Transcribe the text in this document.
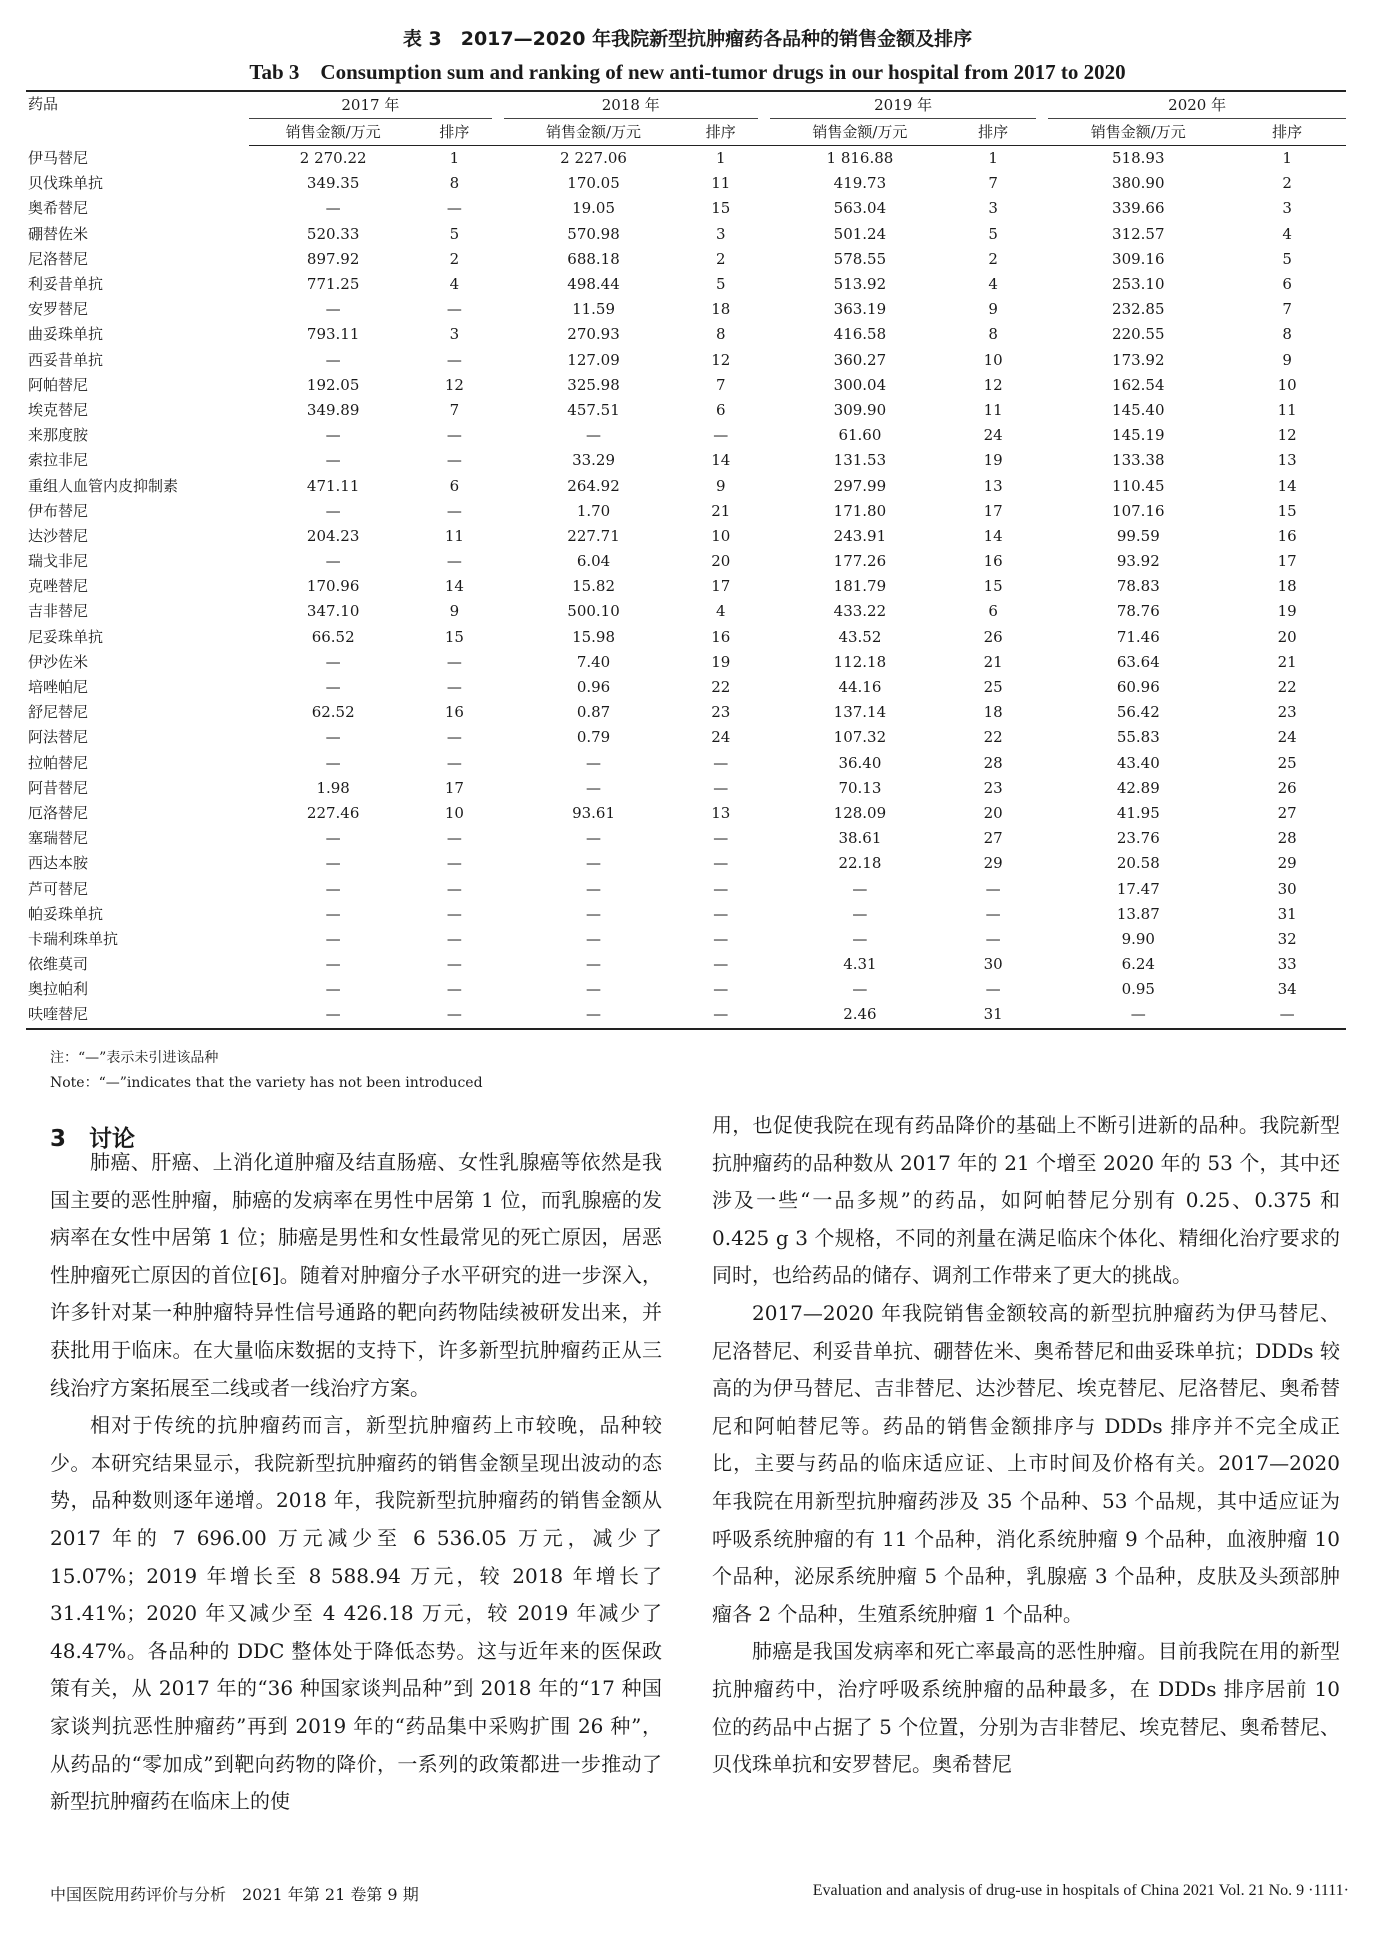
表 3　2017—2020 年我院新型抗肿瘤药各品种的销售金额及排序
Tab 3　Consumption sum and ranking of new anti-tumor drugs in our hospital from 2017 to 2020
药品	2017 年			2018 年			2019 年			2020 年	
	销售金额/万元	排序		销售金额/万元	排序		销售金额/万元	排序		销售金额/万元	排序
伊马替尼	2 270.22	1		2 227.06	1		1 816.88	1		518.93	1
贝伐珠单抗	349.35	8		170.05	11		419.73	7		380.90	2
奥希替尼	—	—		19.05	15		563.04	3		339.66	3
硼替佐米	520.33	5		570.98	3		501.24	5		312.57	4
尼洛替尼	897.92	2		688.18	2		578.55	2		309.16	5
利妥昔单抗	771.25	4		498.44	5		513.92	4		253.10	6
安罗替尼	—	—		11.59	18		363.19	9		232.85	7
曲妥珠单抗	793.11	3		270.93	8		416.58	8		220.55	8
西妥昔单抗	—	—		127.09	12		360.27	10		173.92	9
阿帕替尼	192.05	12		325.98	7		300.04	12		162.54	10
埃克替尼	349.89	7		457.51	6		309.90	11		145.40	11
来那度胺	—	—		—	—		61.60	24		145.19	12
索拉非尼	—	—		33.29	14		131.53	19		133.38	13
重组人血管内皮抑制素	471.11	6		264.92	9		297.99	13		110.45	14
伊布替尼	—	—		1.70	21		171.80	17		107.16	15
达沙替尼	204.23	11		227.71	10		243.91	14		99.59	16
瑞戈非尼	—	—		6.04	20		177.26	16		93.92	17
克唑替尼	170.96	14		15.82	17		181.79	15		78.83	18
吉非替尼	347.10	9		500.10	4		433.22	6		78.76	19
尼妥珠单抗	66.52	15		15.98	16		43.52	26		71.46	20
伊沙佐米	—	—		7.40	19		112.18	21		63.64	21
培唑帕尼	—	—		0.96	22		44.16	25		60.96	22
舒尼替尼	62.52	16		0.87	23		137.14	18		56.42	23
阿法替尼	—	—		0.79	24		107.32	22		55.83	24
拉帕替尼	—	—		—	—		36.40	28		43.40	25
阿昔替尼	1.98	17		—	—		70.13	23		42.89	26
厄洛替尼	227.46	10		93.61	13		128.09	20		41.95	27
塞瑞替尼	—	—		—	—		38.61	27		23.76	28
西达本胺	—	—		—	—		22.18	29		20.58	29
芦可替尼	—	—		—	—		—	—		17.47	30
帕妥珠单抗	—	—		—	—		—	—		13.87	31
卡瑞利珠单抗	—	—		—	—		—	—		9.90	32
依维莫司	—	—		—	—		4.31	30		6.24	33
奥拉帕利	—	—		—	—		—	—		0.95	34
呋喹替尼	—	—		—	—		2.46	31		—	—
注：“—”表示未引进该品种
Note：“—”indicates that the variety has not been introduced
3　讨论

肺癌、肝癌、上消化道肿瘤及结直肠癌、女性乳腺癌等依然是我国主要的恶性肿瘤，肺癌的发病率在男性中居第 1 位，而乳腺癌的发病率在女性中居第 1 位；肺癌是男性和女性最常见的死亡原因，居恶性肿瘤死亡原因的首位[6]。随着对肿瘤分子水平研究的进一步深入，许多针对某一种肿瘤特异性信号通路的靶向药物陆续被研发出来，并获批用于临床。在大量临床数据的支持下，许多新型抗肿瘤药正从三线治疗方案拓展至二线或者一线治疗方案。

相对于传统的抗肿瘤药而言，新型抗肿瘤药上市较晚，品种较少。本研究结果显示，我院新型抗肿瘤药的销售金额呈现出波动的态势，品种数则逐年递增。2018 年，我院新型抗肿瘤药的销售金额从 2017 年的 7 696.00 万元减少至 6 536.05 万元，减少了 15.07%；2019 年增长至 8 588.94 万元，较 2018 年增长了 31.41%；2020 年又减少至 4 426.18 万元，较 2019 年减少了 48.47%。各品种的 DDC 整体处于降低态势。这与近年来的医保政策有关，从 2017 年的“36 种国家谈判品种”到 2018 年的“17 种国家谈判抗恶性肿瘤药”再到 2019 年的“药品集中采购扩围 26 种”，从药品的“零加成”到靶向药物的降价，一系列的政策都进一步推动了新型抗肿瘤药在临床上的使

用，也促使我院在现有药品降价的基础上不断引进新的品种。我院新型抗肿瘤药的品种数从 2017 年的 21 个增至 2020 年的 53 个，其中还涉及一些“一品多规”的药品，如阿帕替尼分别有 0.25、0.375 和 0.425 g 3 个规格，不同的剂量在满足临床个体化、精细化治疗要求的同时，也给药品的储存、调剂工作带来了更大的挑战。

2017—2020 年我院销售金额较高的新型抗肿瘤药为伊马替尼、尼洛替尼、利妥昔单抗、硼替佐米、奥希替尼和曲妥珠单抗；DDDs 较高的为伊马替尼、吉非替尼、达沙替尼、埃克替尼、尼洛替尼、奥希替尼和阿帕替尼等。药品的销售金额排序与 DDDs 排序并不完全成正比，主要与药品的临床适应证、上市时间及价格有关。2017—2020 年我院在用新型抗肿瘤药涉及 35 个品种、53 个品规，其中适应证为呼吸系统肿瘤的有 11 个品种，消化系统肿瘤 9 个品种，血液肿瘤 10 个品种，泌尿系统肿瘤 5 个品种，乳腺癌 3 个品种，皮肤及头颈部肿瘤各 2 个品种，生殖系统肿瘤 1 个品种。

肺癌是我国发病率和死亡率最高的恶性肿瘤。目前我院在用的新型抗肿瘤药中，治疗呼吸系统肿瘤的品种最多，在 DDDs 排序居前 10 位的药品中占据了 5 个位置，分别为吉非替尼、埃克替尼、奥希替尼、贝伐珠单抗和安罗替尼。奥希替尼

中国医院用药评价与分析　2021 年第 21 卷第 9 期	Evaluation and analysis of drug-use in hospitals of China 2021 Vol. 21 No. 9 ·1111·
